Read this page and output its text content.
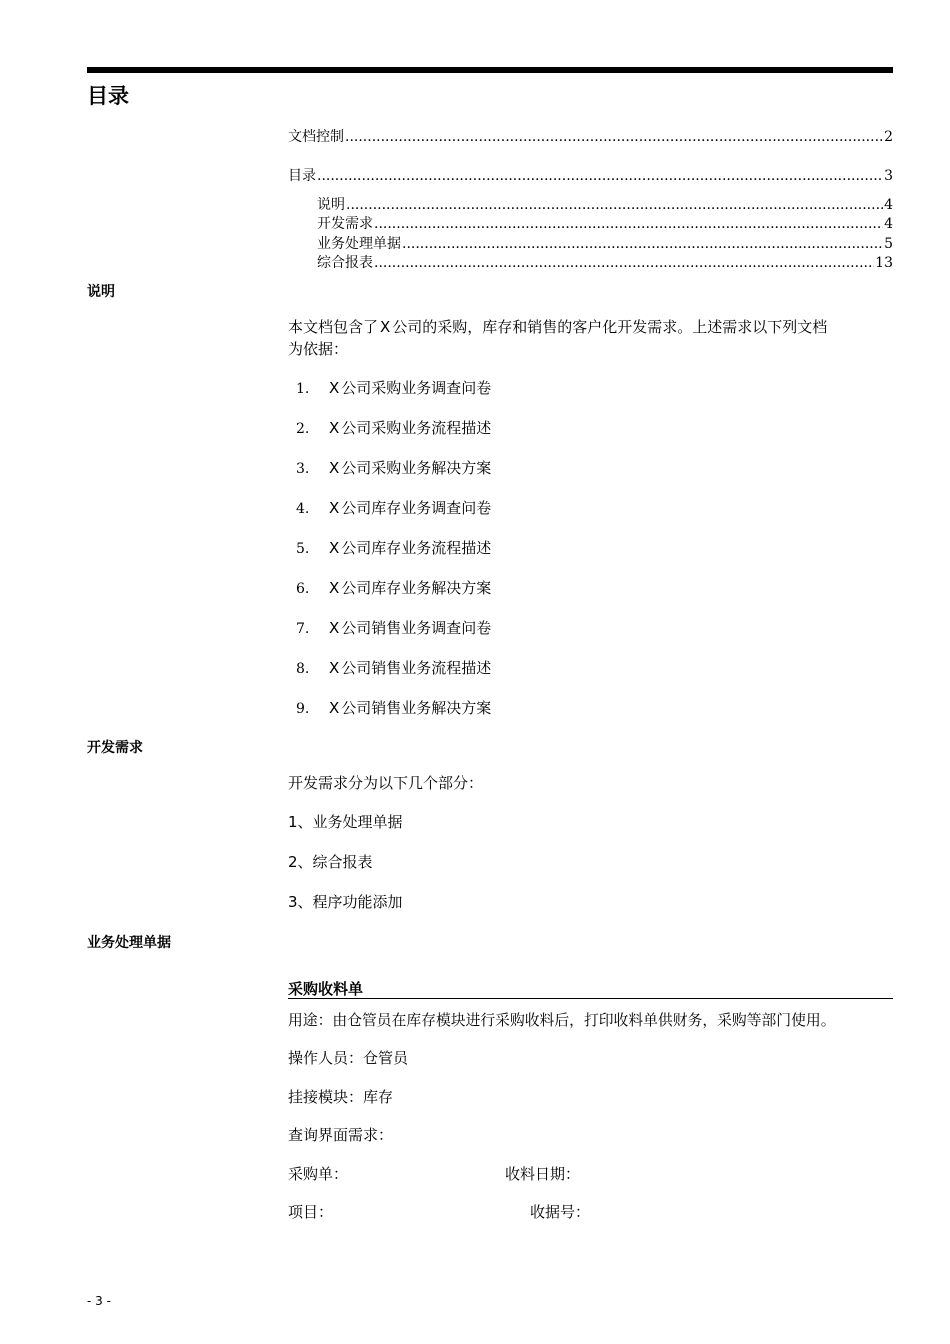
目录
文档控制 .....	2
目录 .....	3
说明 .....	4
开发需求 .....	4
业务处理单据 .....	5
综合报表 .....	13
说明
本文档包含了 X 公司的采购，库存和销售的客户化开发需求。上述需求以下列文档
为依据：
1. X 公司采购业务调查问卷
2. X 公司采购业务流程描述
3. X 公司采购业务解决方案
4. X 公司库存业务调查问卷
5. X 公司库存业务流程描述
6. X 公司库存业务解决方案
7. X 公司销售业务调查问卷
8. X 公司销售业务流程描述
9. X 公司销售业务解决方案
开发需求
开发需求分为以下几个部分：
1、业务处理单据
2、综合报表
3、程序功能添加
业务处理单据
采购收料单
用途：由仓管员在库存模块进行采购收料后，打印收料单供财务，采购等部门使用。
操作人员：仓管员
挂接模块：库存
查询界面需求：
采购单：	收料日期：
项目：	收据号：
- 3 -
